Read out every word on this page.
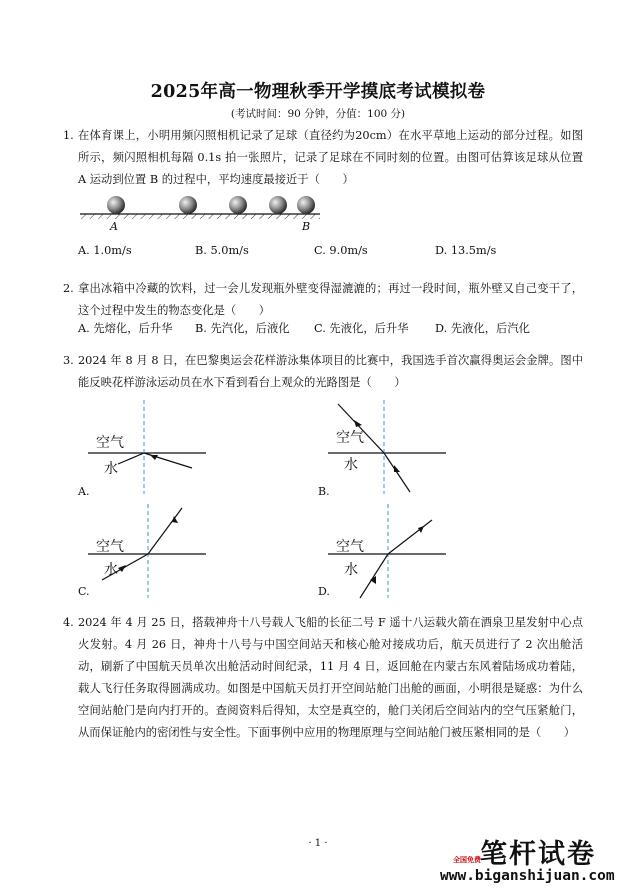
2025年高一物理秋季开学摸底考试模拟卷
(考试时间：90 分钟，分值：100 分)
1. 在体育课上，小明用频闪照相机记录了足球（直径约为20cm）在水平草地上运动的部分过程。如图所示，频闪照相机每隔 0.1s 拍一张照片，记录了足球在不同时刻的位置。由图可估算该足球从位置 A 运动到位置 B 的过程中，平均速度最接近于（　　）
A	B
A. 1.0m/s	B. 5.0m/s	C. 9.0m/s	D. 13.5m/s
2. 拿出冰箱中冷藏的饮料，过一会儿发现瓶外壁变得湿漉漉的；再过一段时间，瓶外壁又自己变干了，这个过程中发生的物态变化是（　　）
A. 先熔化，后升华 B. 先汽化，后液化 C. 先液化，后升华 D. 先液化，后汽化
3. 2024 年 8 月 8 日，在巴黎奥运会花样游泳集体项目的比赛中，我国选手首次赢得奥运会金牌。图中能反映花样游泳运动员在水下看到看台上观众的光路图是（　　）
空气
水
A.
空气
水
B.
空气
水
C.
空气
水
D.
4. 2024 年 4 月 25 日，搭载神舟十八号载人飞船的长征二号 F 遥十八运载火箭在酒泉卫星发射中心点火发射。4 月 26 日，神舟十八号与中国空间站天和核心舱对接成功后，航天员进行了 2 次出舱活动，刷新了中国航天员单次出舱活动时间纪录，11 月 4 日，返回舱在内蒙古东风着陆场成功着陆，载人飞行任务取得圆满成功。如图是中国航天员打开空间站舱门出舱的画面，小明很是疑惑：为什么空间站舱门是向内打开的。查阅资料后得知，太空是真空的，舱门关闭后空间站内的空气压紧舱门，从而保证舱内的密闭性与安全性。下面事例中应用的物理原理与空间站舱门被压紧相同的是（　　）
· 1 ·	笔杆试卷
全国免费
www.biganshijuan.com
